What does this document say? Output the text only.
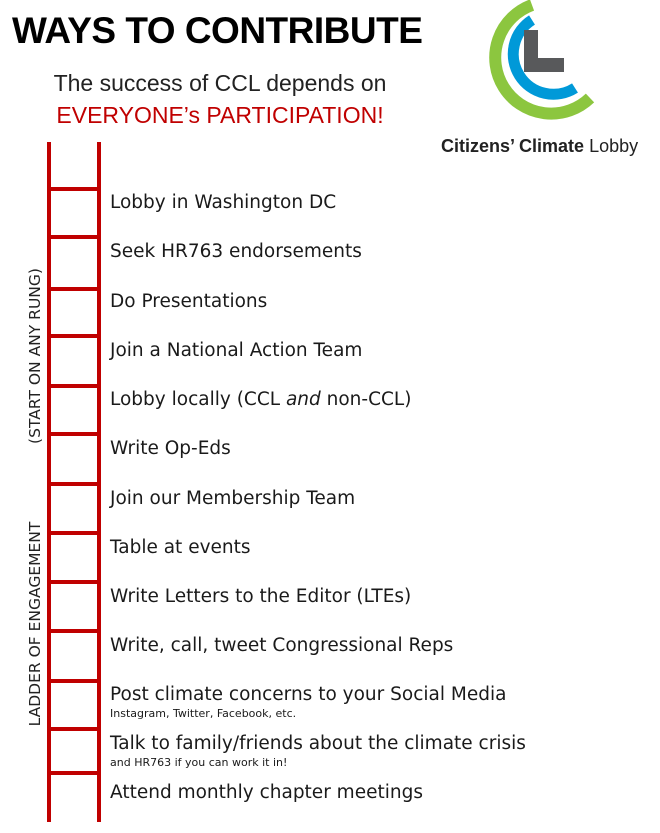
WAYS TO CONTRIBUTE
The success of CCL depends on
EVERYONE’s PARTICIPATION!
Citizens’ Climate Lobby
(START ON ANY RUNG)
LADDER OF ENGAGEMENT
Lobby in Washington DC
Seek HR763 endorsements
Do Presentations
Join a National Action Team
Lobby locally (CCL and non-CCL)
Write Op-Eds
Join our Membership Team
Table at events
Write Letters to the Editor (LTEs)
Write, call, tweet Congressional Reps
Post climate concerns to your Social Media
Instagram, Twitter, Facebook, etc.
Talk to family/friends about the climate crisis
and HR763 if you can work it in!
Attend monthly chapter meetings
